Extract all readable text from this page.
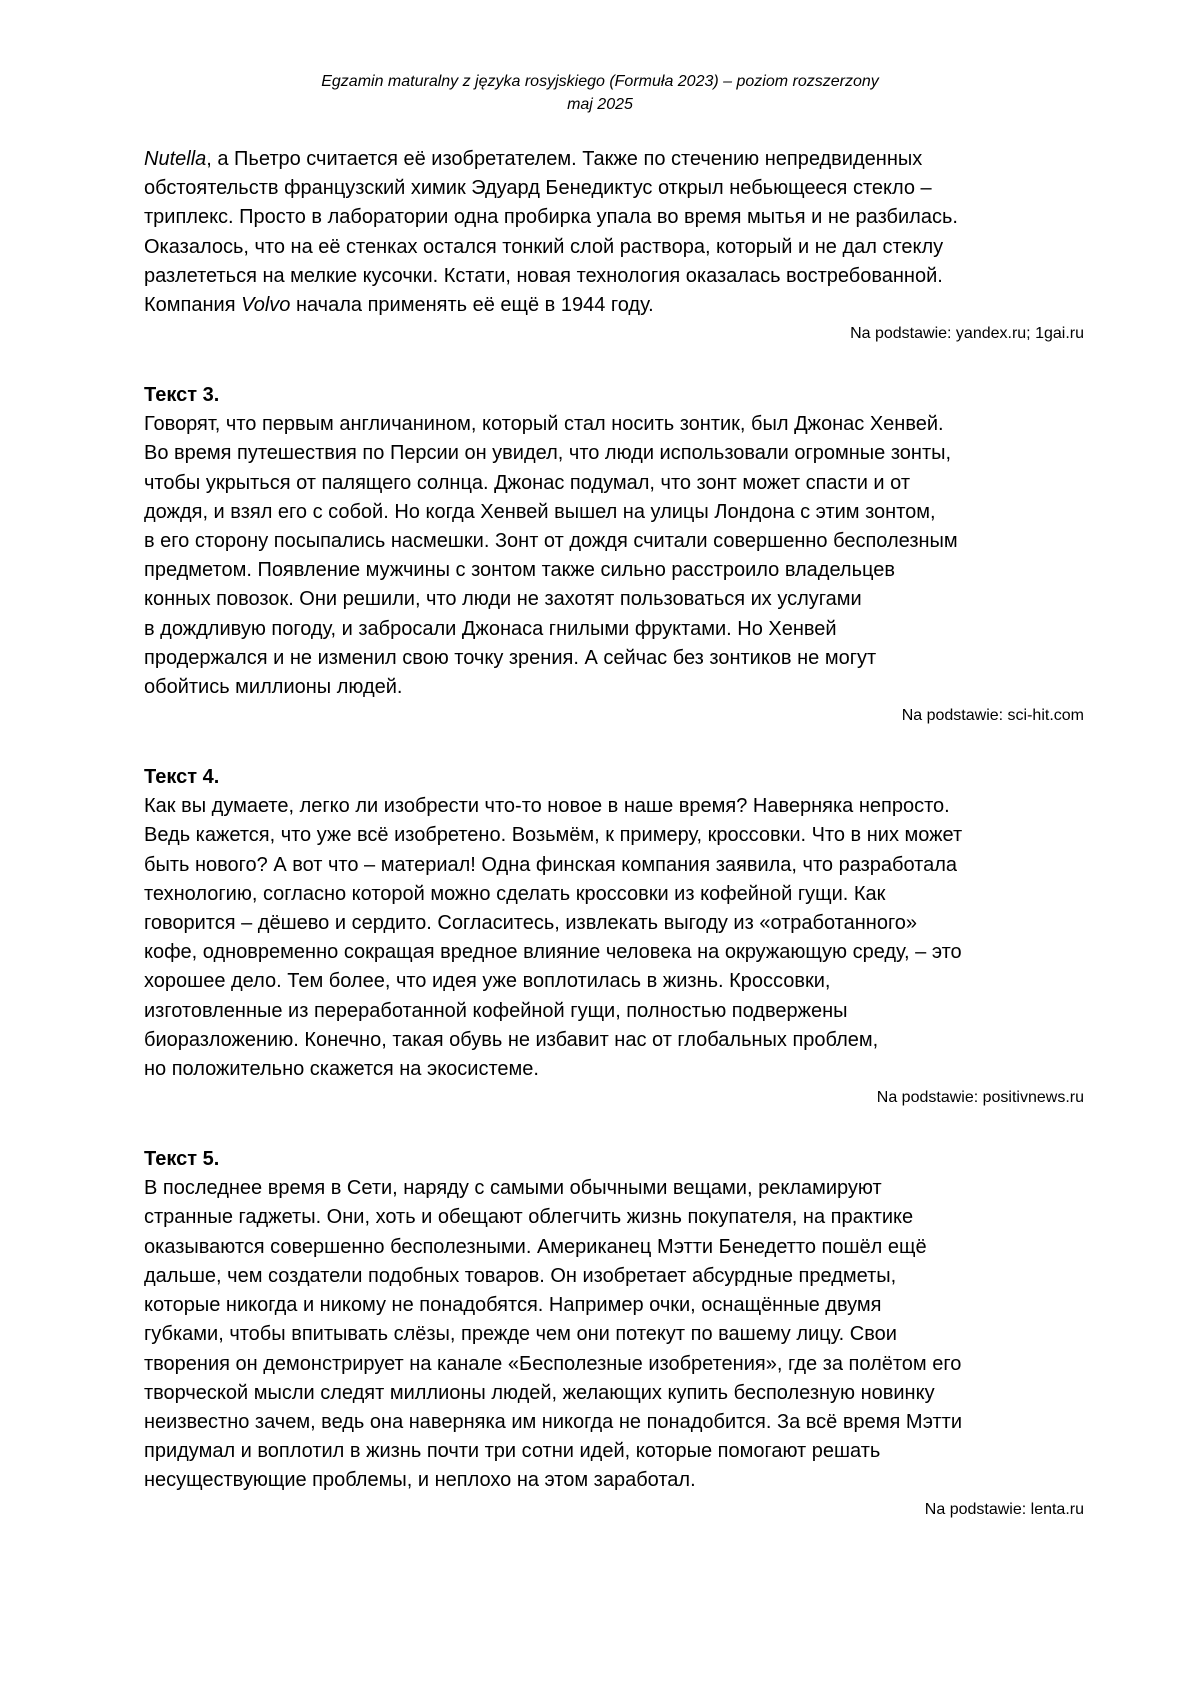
Egzamin maturalny z języka rosyjskiego (Formuła 2023) – poziom rozszerzony
maj 2025
Nutella, а Пьетро считается её изобретателем. Также по стечению непредвиденных
обстоятельств французский химик Эдуард Бенедиктус открыл небьющееся стекло –
триплекс. Просто в лаборатории одна пробирка упала во время мытья и не разбилась.
Оказалось, что на её стенках остался тонкий слой раствора, который и не дал стеклу
разлететься на мелкие кусочки. Кстати, новая технология оказалась востребованной.
Компания Volvo начала применять её ещё в 1944 году.
Na podstawie: yandex.ru; 1gai.ru
Текст 3.
Говорят, что первым англичанином, который стал носить зонтик, был Джонас Хенвей.
Во время путешествия по Персии он увидел, что люди использовали огромные зонты,
чтобы укрыться от палящего солнца. Джонас подумал, что зонт может спасти и от
дождя, и взял его с собой. Но когда Хенвей вышел на улицы Лондона с этим зонтом,
в его сторону посыпались насмешки. Зонт от дождя считали совершенно бесполезным
предметом. Появление мужчины с зонтом также сильно расстроило владельцев
конных повозок. Они решили, что люди не захотят пользоваться их услугами
в дождливую погоду, и забросали Джонаса гнилыми фруктами. Но Хенвей
продержался и не изменил свою точку зрения. А сейчас без зонтиков не могут
обойтись миллионы людей.
Na podstawie: sci-hit.com
Текст 4.
Как вы думаете, легко ли изобрести что-то новое в наше время? Наверняка непросто.
Ведь кажется, что уже всё изобретено. Возьмём, к примеру, кроссовки. Что в них может
быть нового? А вот что – материал! Одна финская компания заявила, что разработала
технологию, согласно которой можно сделать кроссовки из кофейной гущи. Как
говорится – дёшево и сердито. Согласитесь, извлекать выгоду из «отработанного»
кофе, одновременно сокращая вредное влияние человека на окружающую среду, – это
хорошее дело. Тем более, что идея уже воплотилась в жизнь. Кроссовки,
изготовленные из переработанной кофейной гущи, полностью подвержены
биоразложению. Конечно, такая обувь не избавит нас от глобальных проблем,
но положительно скажется на экосистеме.
Na podstawie: positivnews.ru
Текст 5.
В последнее время в Сети, наряду с самыми обычными вещами, рекламируют
странные гаджеты. Они, хоть и обещают облегчить жизнь покупателя, на практике
оказываются совершенно бесполезными. Американец Мэтти Бенедетто пошёл ещё
дальше, чем создатели подобных товаров. Он изобретает абсурдные предметы,
которые никогда и никому не понадобятся. Например очки, оснащённые двумя
губками, чтобы впитывать слёзы, прежде чем они потекут по вашему лицу. Свои
творения он демонстрирует на канале «Бесполезные изобретения», где за полётом его
творческой мысли следят миллионы людей, желающих купить бесполезную новинку
неизвестно зачем, ведь она наверняка им никогда не понадобится. За всё время Мэтти
придумал и воплотил в жизнь почти три сотни идей, которые помогают решать
несуществующие проблемы, и неплохо на этом заработал.
Na podstawie: lenta.ru
